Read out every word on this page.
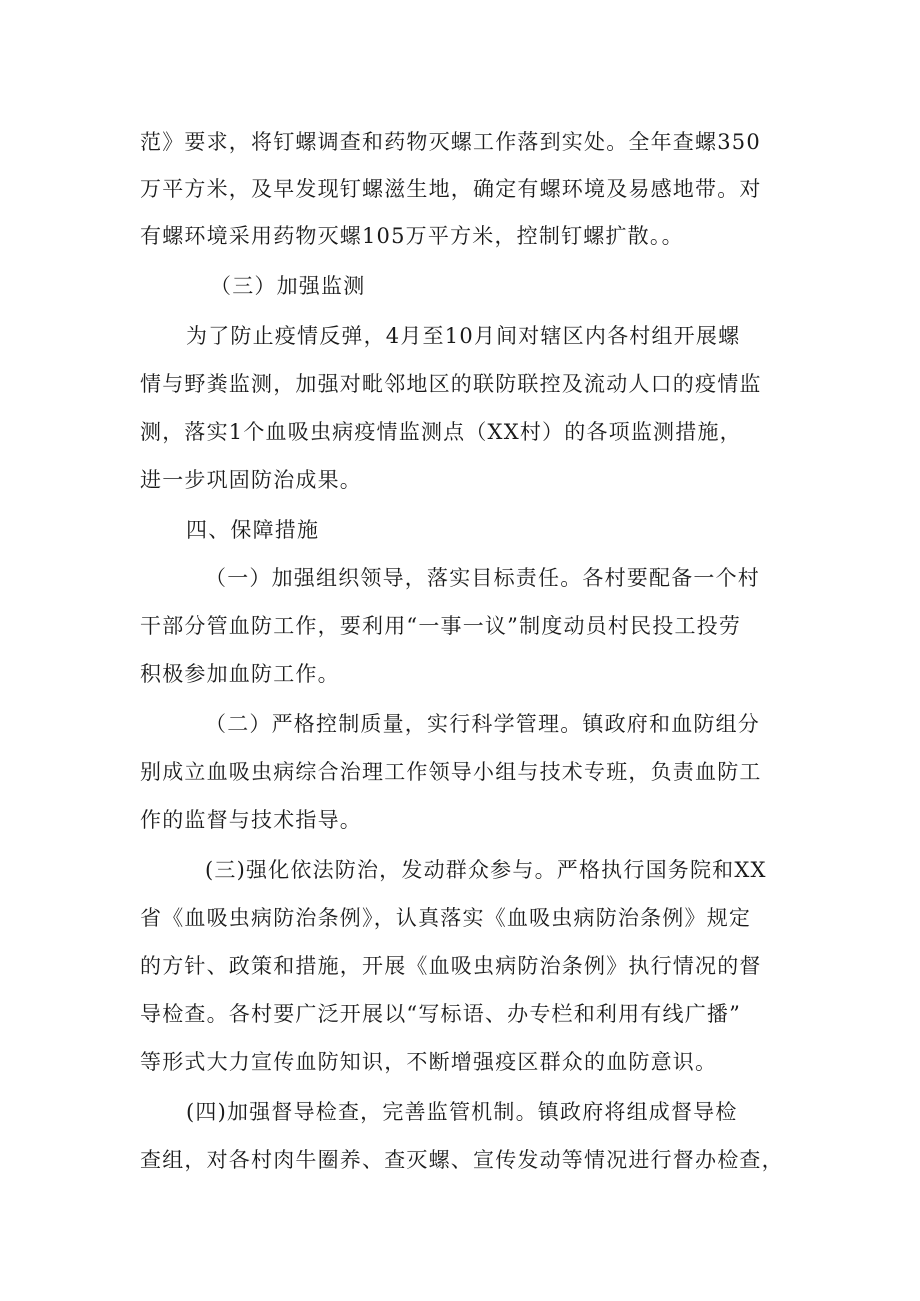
范》要求，将钉螺调查和药物灭螺工作落到实处。全年查螺350
万平方米，及早发现钉螺滋生地，确定有螺环境及易感地带。对
有螺环境采用药物灭螺105万平方米，控制钉螺扩散。。
（三）加强监测
为了防止疫情反弹，4月至10月间对辖区内各村组开展螺
情与野粪监测，加强对毗邻地区的联防联控及流动人口的疫情监
测，落实1个血吸虫病疫情监测点（XX村）的各项监测措施，
进一步巩固防治成果。
四、保障措施
（一）加强组织领导，落实目标责任。各村要配备一个村
干部分管血防工作，要利用“一事一议”制度动员村民投工投劳
积极参加血防工作。
（二）严格控制质量，实行科学管理。镇政府和血防组分
别成立血吸虫病综合治理工作领导小组与技术专班，负责血防工
作的监督与技术指导。
(三)强化依法防治，发动群众参与。严格执行国务院和XX
省《血吸虫病防治条例》，认真落实《血吸虫病防治条例》规定
的方针、政策和措施，开展《血吸虫病防治条例》执行情况的督
导检查。各村要广泛开展以“写标语、办专栏和利用有线广播”
等形式大力宣传血防知识，不断增强疫区群众的血防意识。
(四)加强督导检查，完善监管机制。镇政府将组成督导检
查组，对各村肉牛圈养、查灭螺、宣传发动等情况进行督办检查，
